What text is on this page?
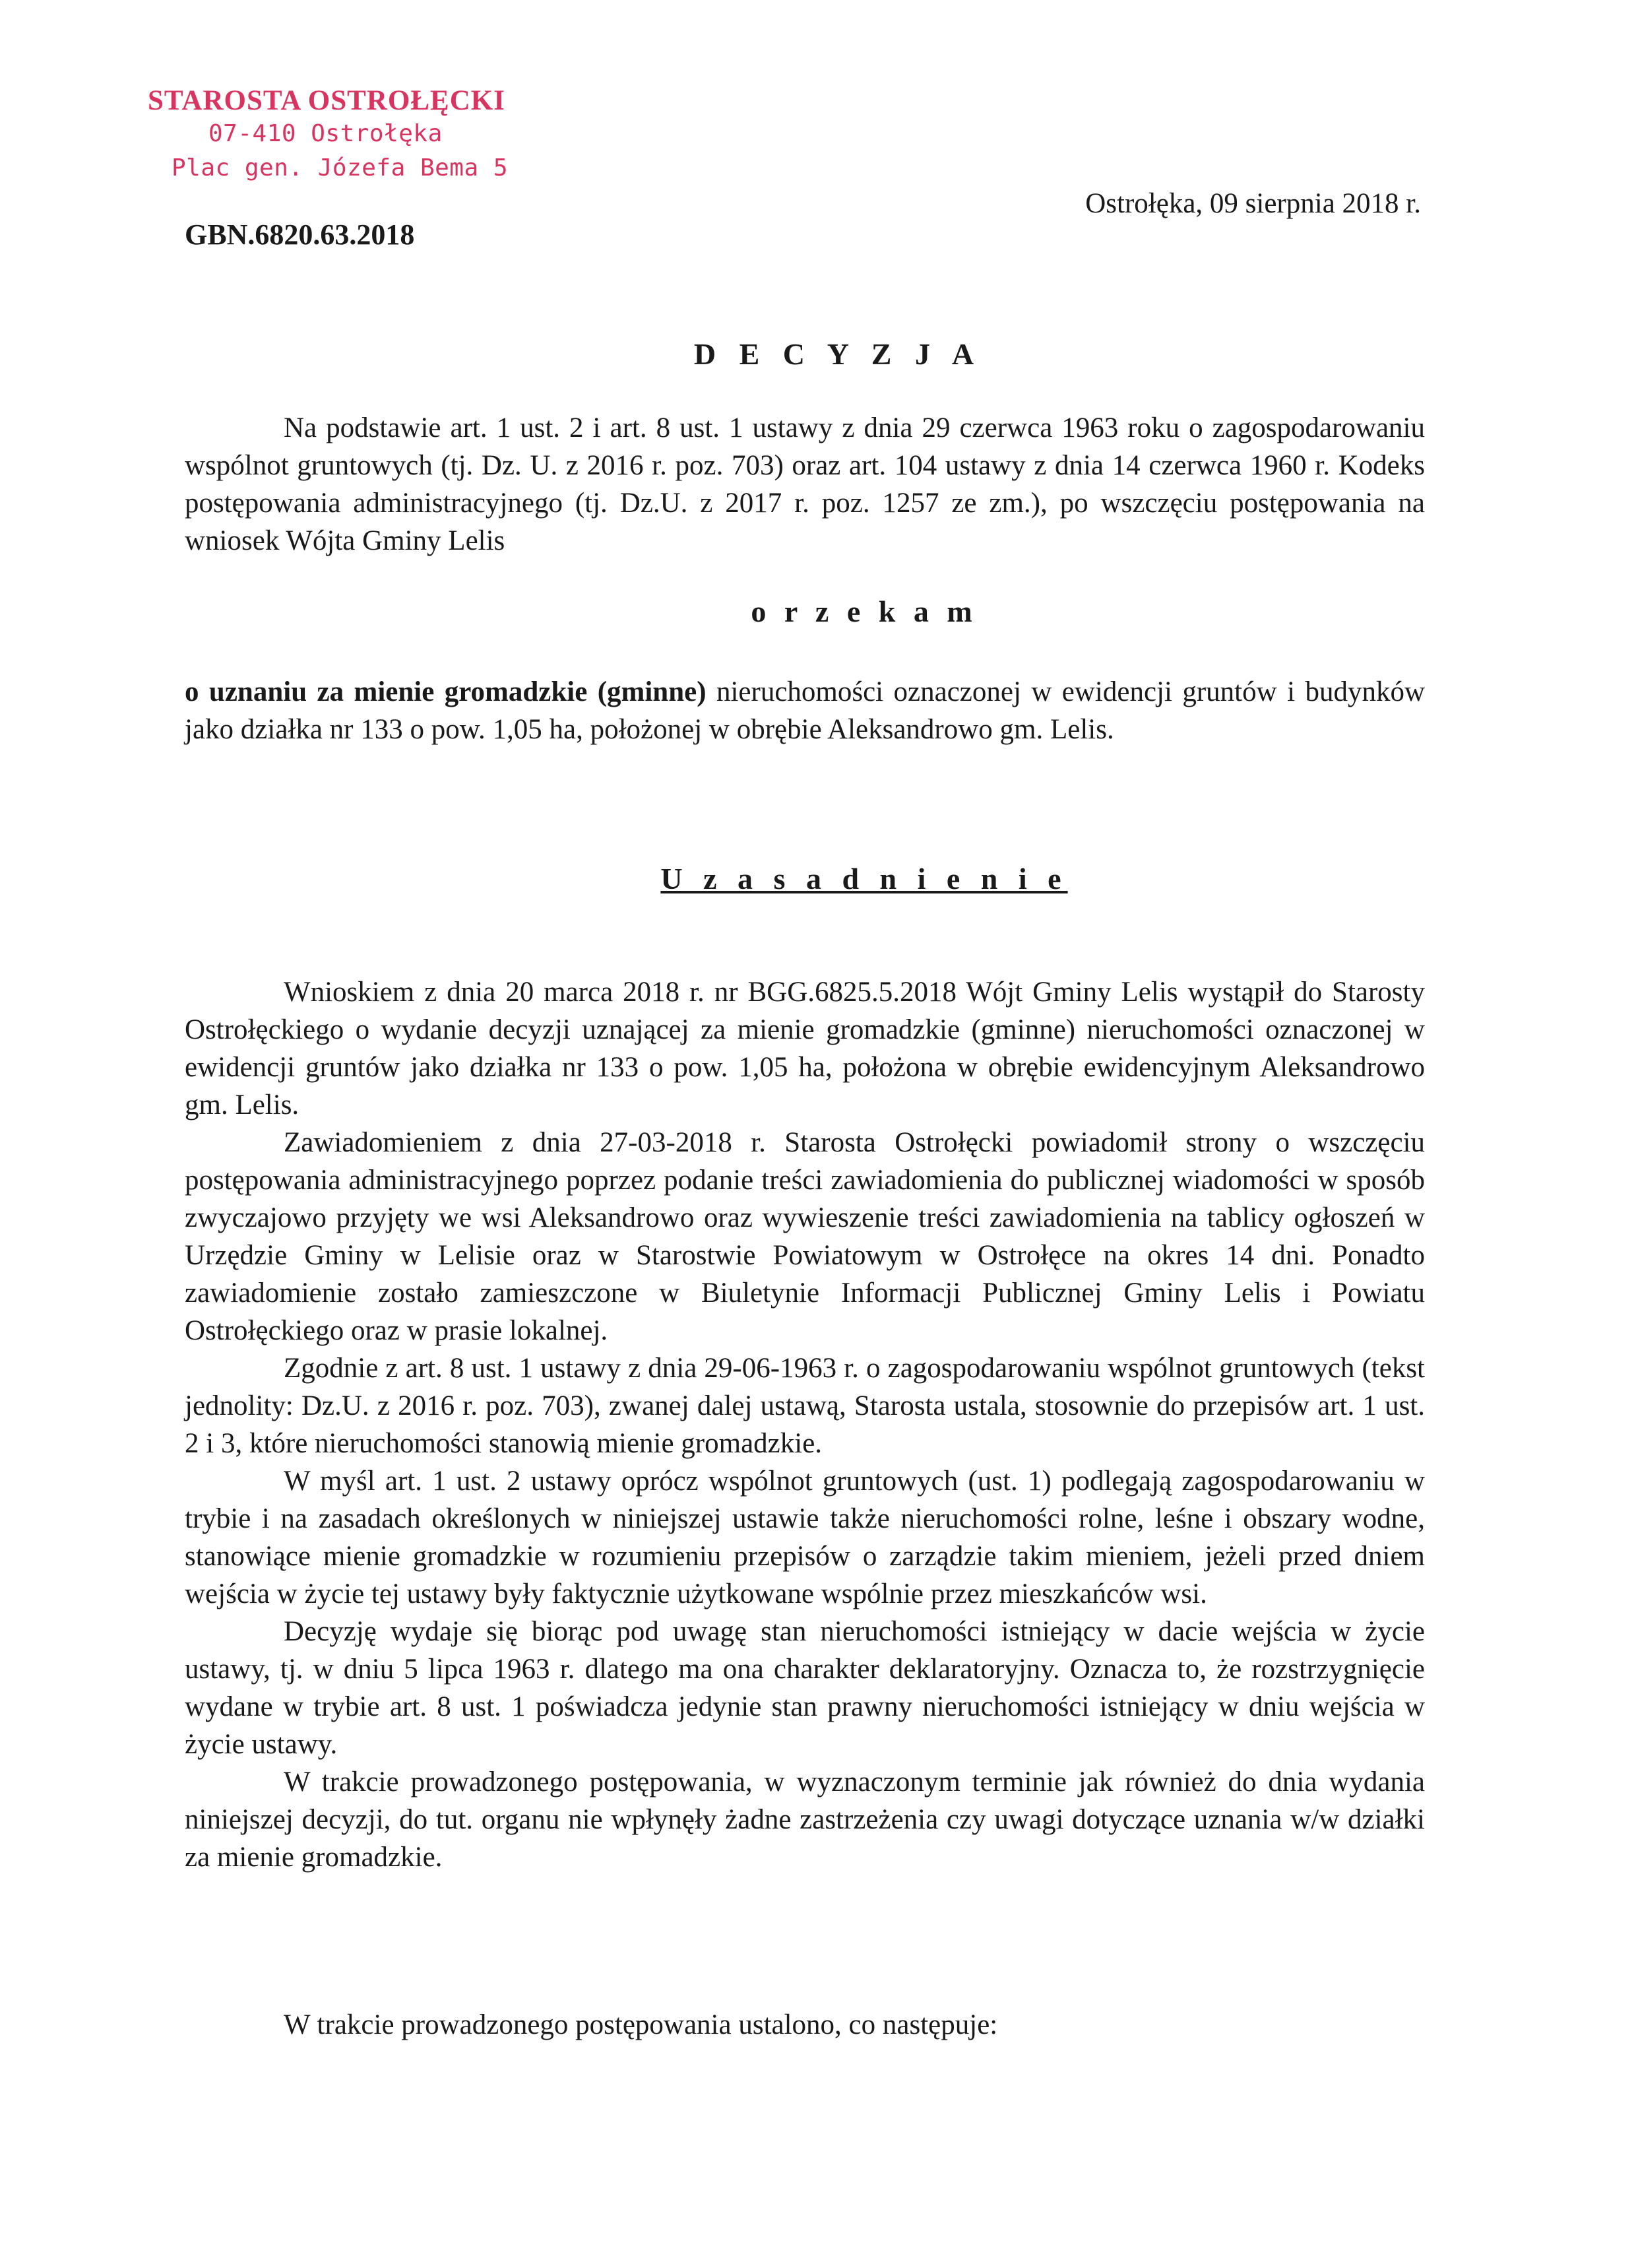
STAROSTA OSTROŁĘCKI
07-410 Ostrołęka
Plac gen. Józefa Bema 5
Ostrołęka, 09 sierpnia 2018 r.
GBN.6820.63.2018
D E C Y Z J A
Na podstawie art. 1 ust. 2 i art. 8 ust. 1 ustawy z dnia 29 czerwca 1963 roku o zagospodarowaniu wspólnot gruntowych (tj. Dz. U. z 2016 r. poz. 703) oraz art. 104 ustawy z dnia 14 czerwca 1960 r. Kodeks postępowania administracyjnego (tj. Dz.U. z 2017 r. poz. 1257 ze zm.), po wszczęciu postępowania na wniosek Wójta Gminy Lelis
o r z e k a m
o uznaniu za mienie gromadzkie (gminne) nieruchomości oznaczonej w ewidencji gruntów i budynków jako działka nr 133 o pow. 1,05 ha, położonej w obrębie Aleksandrowo gm. Lelis.
U z a s a d n i e n i e

Wnioskiem z dnia 20 marca 2018 r. nr BGG.6825.5.2018 Wójt Gminy Lelis wystąpił do Starosty Ostrołęckiego o wydanie decyzji uznającej za mienie gromadzkie (gminne) nieruchomości oznaczonej w ewidencji gruntów jako działka nr 133 o pow. 1,05 ha, położona w obrębie ewidencyjnym Aleksandrowo gm. Lelis.

Zawiadomieniem z dnia 27-03-2018 r. Starosta Ostrołęcki powiadomił strony o wszczęciu postępowania administracyjnego poprzez podanie treści zawiadomienia do publicznej wiadomości w sposób zwyczajowo przyjęty we wsi Aleksandrowo oraz wywieszenie treści zawiadomienia na tablicy ogłoszeń w Urzędzie Gminy w Lelisie oraz w Starostwie Powiatowym w Ostrołęce na okres 14 dni. Ponadto zawiadomienie zostało zamieszczone w Biuletynie Informacji Publicznej Gminy Lelis i Powiatu Ostrołęckiego oraz w prasie lokalnej.

Zgodnie z art. 8 ust. 1 ustawy z dnia 29-06-1963 r. o zagospodarowaniu wspólnot gruntowych (tekst jednolity: Dz.U. z 2016 r. poz. 703), zwanej dalej ustawą, Starosta ustala, stosownie do przepisów art. 1 ust. 2 i 3, które nieruchomości stanowią mienie gromadzkie.

W myśl art. 1 ust. 2 ustawy oprócz wspólnot gruntowych (ust. 1) podlegają zagospodarowaniu w trybie i na zasadach określonych w niniejszej ustawie także nieruchomości rolne, leśne i obszary wodne, stanowiące mienie gromadzkie w rozumieniu przepisów o zarządzie takim mieniem, jeżeli przed dniem wejścia w życie tej ustawy były faktycznie użytkowane wspólnie przez mieszkańców wsi.

Decyzję wydaje się biorąc pod uwagę stan nieruchomości istniejący w dacie wejścia w życie ustawy, tj. w dniu 5 lipca 1963 r. dlatego ma ona charakter deklaratoryjny. Oznacza to, że rozstrzygnięcie wydane w trybie art. 8 ust. 1 poświadcza jedynie stan prawny nieruchomości istniejący w dniu wejścia w życie ustawy.

W trakcie prowadzonego postępowania, w wyznaczonym terminie jak również do dnia wydania niniejszej decyzji, do tut. organu nie wpłynęły żadne zastrzeżenia czy uwagi dotyczące uznania w/w działki za mienie gromadzkie.

W trakcie prowadzonego postępowania ustalono, co następuje:
